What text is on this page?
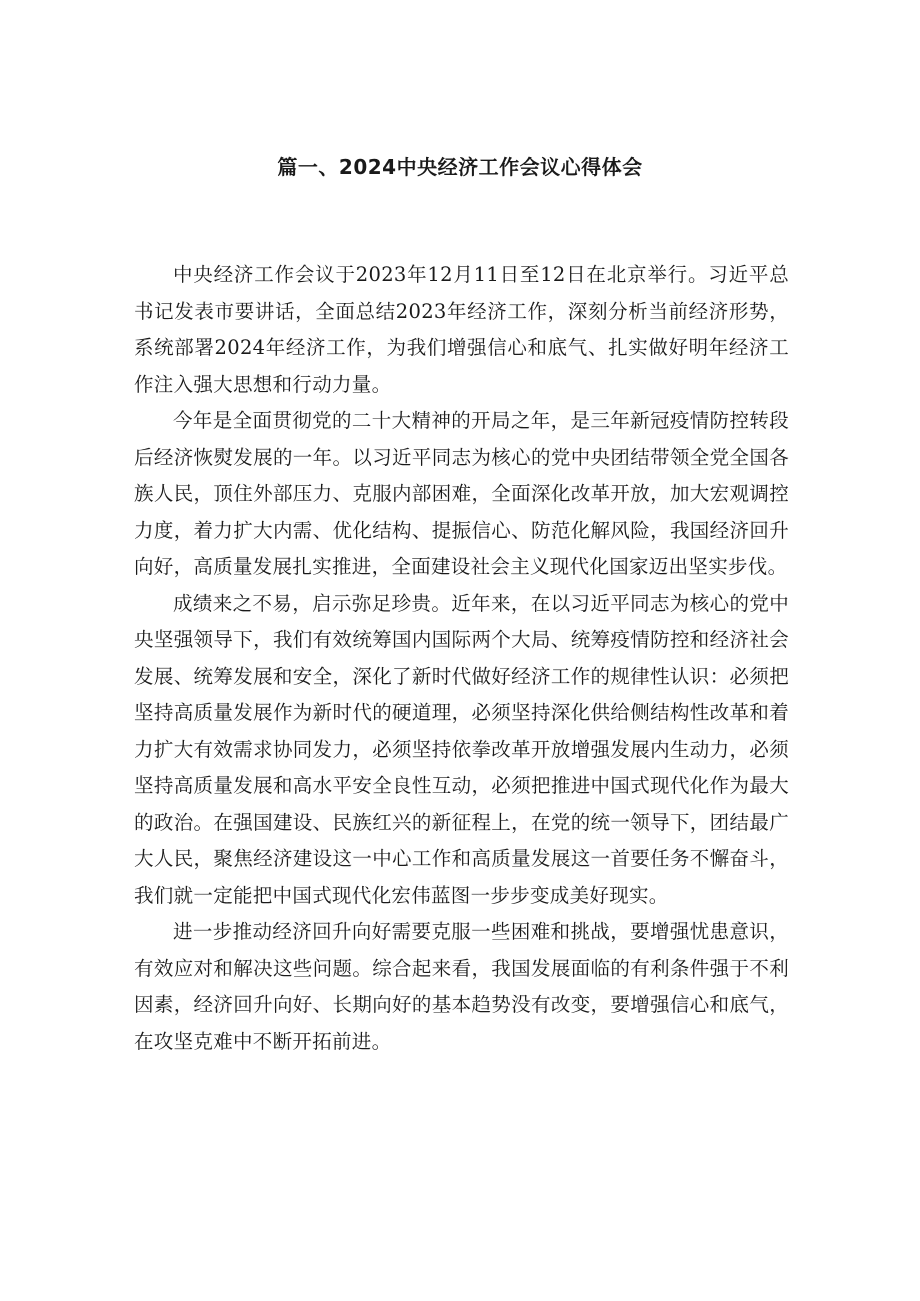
篇一、2024中央经济工作会议心得体会

中央经济工作会议于2023年12月11日至12日在北京举行。习近平总书记发表市要讲话，全面总结2023年经济工作，深刻分析当前经济形势，系统部署2024年经济工作，为我们增强信心和底气、扎实做好明年经济工作注入强大思想和行动力量。

今年是全面贯彻党的二十大精神的开局之年，是三年新冠疫情防控转段后经济恢熨发展的一年。以习近平同志为核心的党中央团结带领全党全国各族人民，顶住外部压力、克服内部困难，全面深化改革开放，加大宏观调控力度，着力扩大内需、优化结构、提振信心、防范化解风险，我国经济回升向好，高质量发展扎实推进，全面建设社会主义现代化国家迈出坚实步伐。

成绩来之不易，启示弥足珍贵。近年来，在以习近平同志为核心的党中央坚强领导下，我们有效统筹国内国际两个大局、统筹疫情防控和经济社会发展、统筹发展和安全，深化了新时代做好经济工作的规律性认识：必须把坚持高质量发展作为新时代的硬道理，必须坚持深化供给侧结构性改革和着力扩大有效需求协同发力，必须坚持依拳改革开放增强发展内生动力，必须坚持高质量发展和高水平安全良性互动，必须把推进中国式现代化作为最大的政治。在强国建设、民族红兴的新征程上，在党的统一领导下，团结最广大人民，聚焦经济建设这一中心工作和高质量发展这一首要任务不懈奋斗，我们就一定能把中国式现代化宏伟蓝图一步步变成美好现实。

进一步推动经济回升向好需要克服一些困难和挑战，要增强忧患意识，有效应对和解决这些问题。综合起来看，我国发展面临的有利条件强于不利因素，经济回升向好、长期向好的基本趋势没有改变，要增强信心和底气，在攻坚克难中不断开拓前进。
